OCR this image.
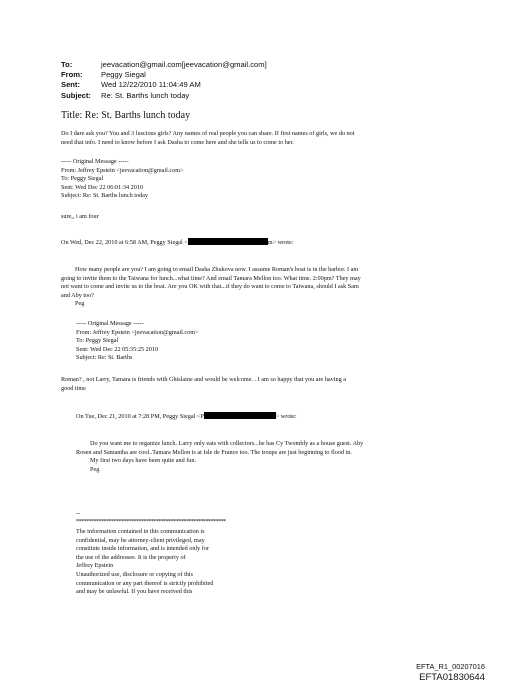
To:	jeevacation@gmail.com[jeevacation@gmail.com]
From:	Peggy Siegal
Sent:	Wed 12/22/2010 11:04:49 AM
Subject:	Re: St. Barths lunch today
Title: Re: St. Barths lunch today
Do I dare ask you? You and 3 luscious girls? Any names of real people you can share. If first names of girls, we do not
need that info. I need to know before I ask Dasha to come here and she tells us to come to her.
----- Original Message -----
From: Jeffrey Epstein <jeevacation@gmail.com>
To: Peggy Siegal
Sent: Wed Dec 22 06:01:34 2010
Subject: Re: St. Barths lunch today
sure,, i am four
On Wed, Dec 22, 2010 at 6:58 AM, Peggy Siegal <	m> wrote:
How many people are you? I am going to email Dasha Zhukova now. I assume Roman's boat is in the harbor. I am
going to invite them to the Taiwana for lunch...what time? And email Tamara Mellon too. What time. 2:00pm? They may
not want to come and invite us to the boat. Are you OK with that...if they do want to come to Taiwana, should I ask Sam
and Aby too?
Peg
----- Original Message -----
From: Jeffrey Epstein <jeevacation@gmail.com>
To: Peggy Siegal
Sent: Wed Dec 22 05:35:25 2010
Subject: Re: St. Barths
Roman? , not Larry, Tamara is friends with Ghislaine and would be welcome. . I am so happy that you are having a
good time
On Tue, Dec 21, 2010 at 7:28 PM, Peggy Siegal <P	> wrote:
Do you want me to organize lunch. Larry only eats with collectors...he has Cy Twombly as a house guest. Aby
Rosen and Samantha are cool..Tamara Mellon is at Isle de France too. The troups are just beginning to flood in.
My first two days have been quite and fun.
Peg
--
************************************************************
The information contained in this communication is
confidential, may be attorney-client privileged, may
constitute inside information, and is intended only for
the use of the addressee. It is the property of
Jeffrey Epstein
Unauthorized use, disclosure or copying of this
communication or any part thereof is strictly prohibited
and may be unlawful. If you have received this
EFTA_R1_00207016
EFTA01830644
